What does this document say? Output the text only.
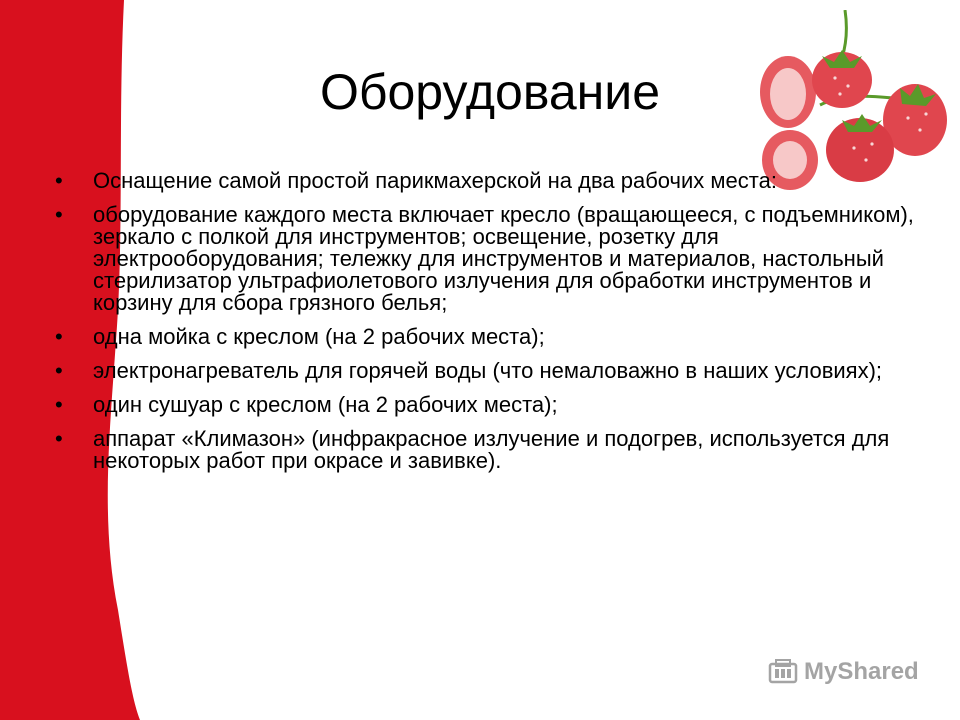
Оборудование
• Оснащение самой простой парикмахерской на два рабочих места:
• оборудование каждого места включает кресло (вращающееся, с подъемником), зеркало с полкой для инструментов; освещение, розетку для электрооборудования; тележку для инструментов и материалов, настольный стерилизатор ультрафиолетового излучения для обработки инструментов и корзину для сбора грязного белья;
• одна мойка с креслом (на 2 рабочих места);
• электронагреватель для горячей воды (что немаловажно в наших условиях);
• один сушуар с креслом (на 2 рабочих места);
• аппарат «Климазон» (инфракрасное излучение и подогрев, используется для некоторых работ при окрасе и завивке).
MyShared
